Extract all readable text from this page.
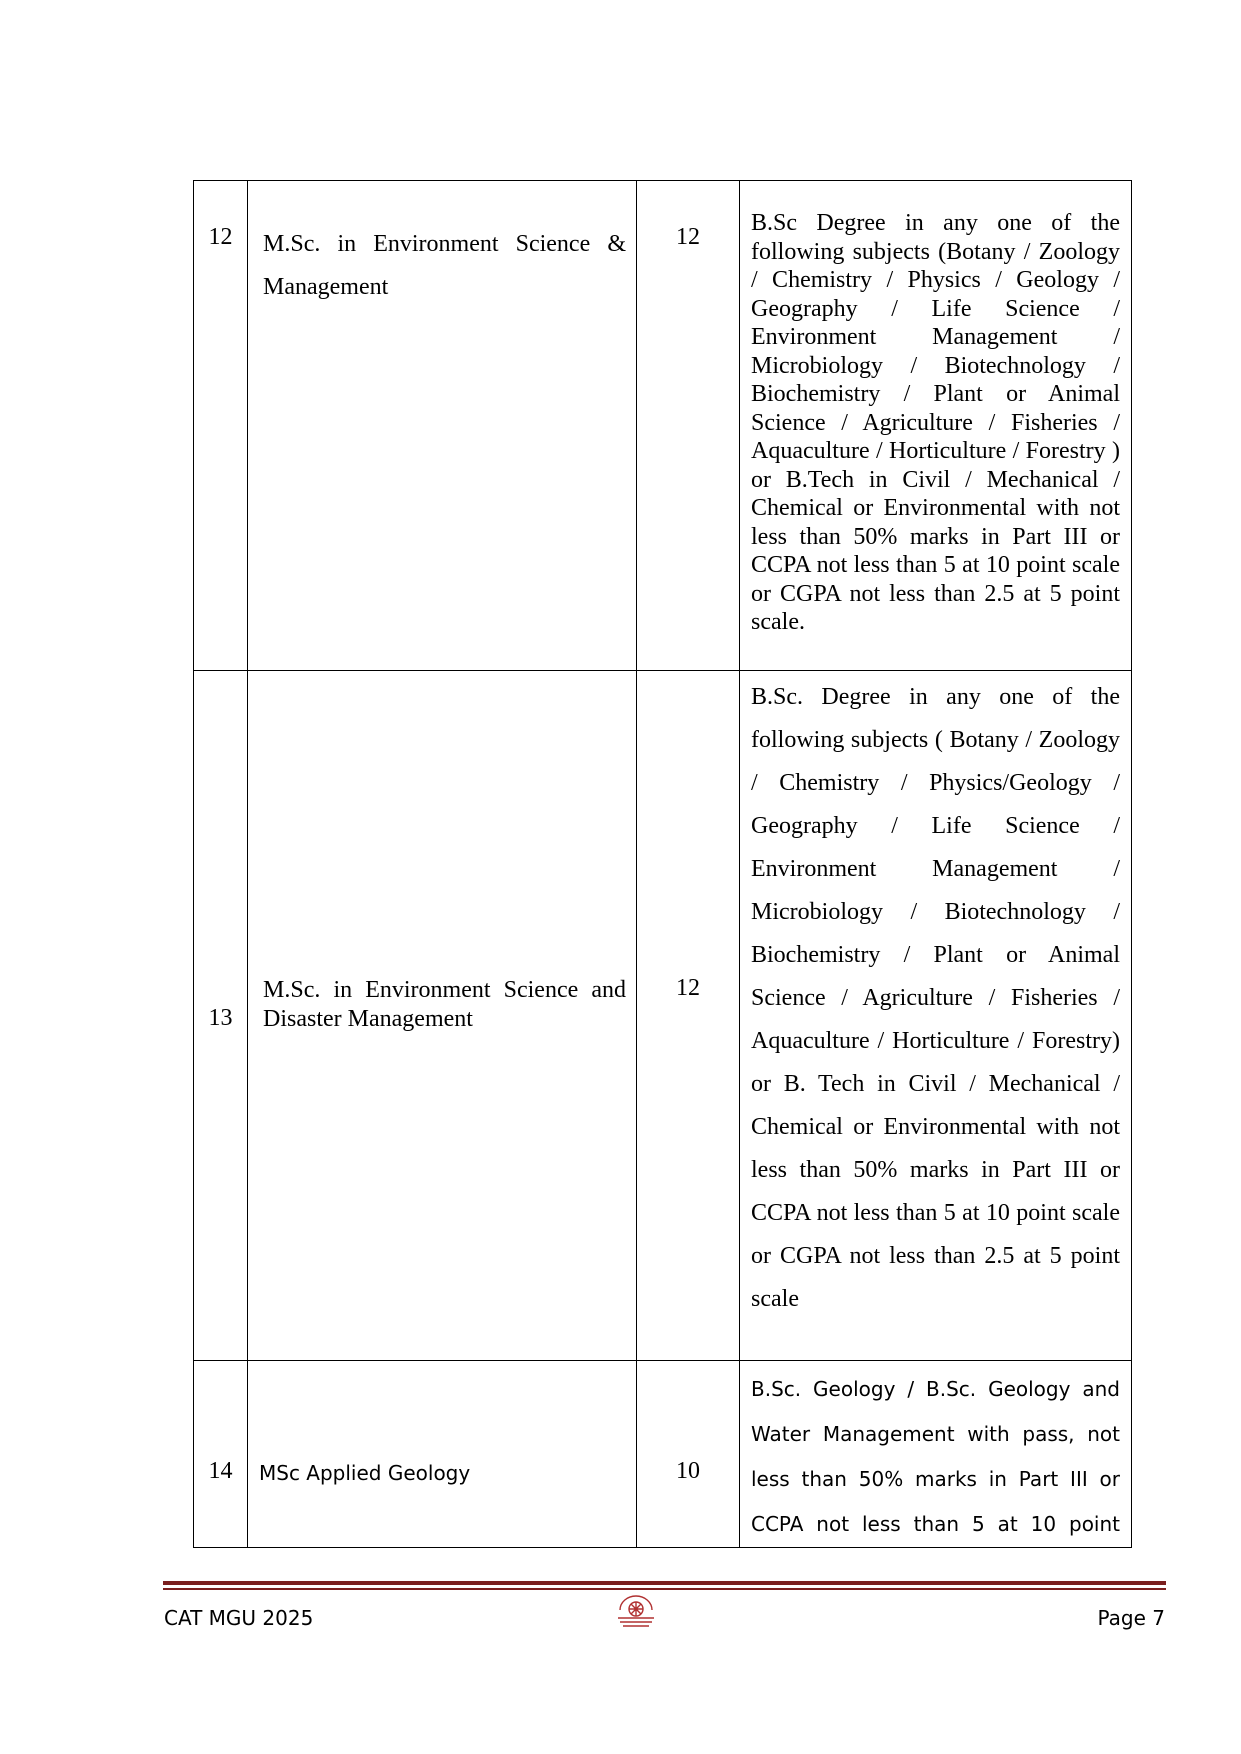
12	M.Sc. in Environment Science & Management	12	B.Sc Degree in any one of the following subjects (Botany / Zoology / Chemistry / Physics / Geology / Geography / Life Science / Environment Management / Microbiology / Biotechnology / Biochemistry / Plant or Animal Science / Agriculture / Fisheries / Aquaculture / Horticulture / Forestry ) or B.Tech in Civil / Mechanical / Chemical or Environmental with not less than 50% marks in Part III or CCPA not less than 5 at 10 point scale or CGPA not less than 2.5 at 5 point scale.
13	M.Sc. in Environment Science and Disaster Management	12	B.Sc. Degree in any one of the following subjects ( Botany / Zoology / Chemistry / Physics/Geology / Geography / Life Science / Environment Management / Microbiology / Biotechnology / Biochemistry / Plant or Animal Science / Agriculture / Fisheries / Aquaculture / Horticulture / Forestry) or B. Tech in Civil / Mechanical / Chemical or Environmental with not less than 50% marks in Part III or CCPA not less than 5 at 10 point scale or CGPA not less than 2.5 at 5 point scale
14	MSc Applied Geology	10	B.Sc. Geology / B.Sc. Geology and Water Management with pass, not less than 50% marks in Part III or CCPA not less than 5 at 10 point
CAT MGU 2025	Page 7
